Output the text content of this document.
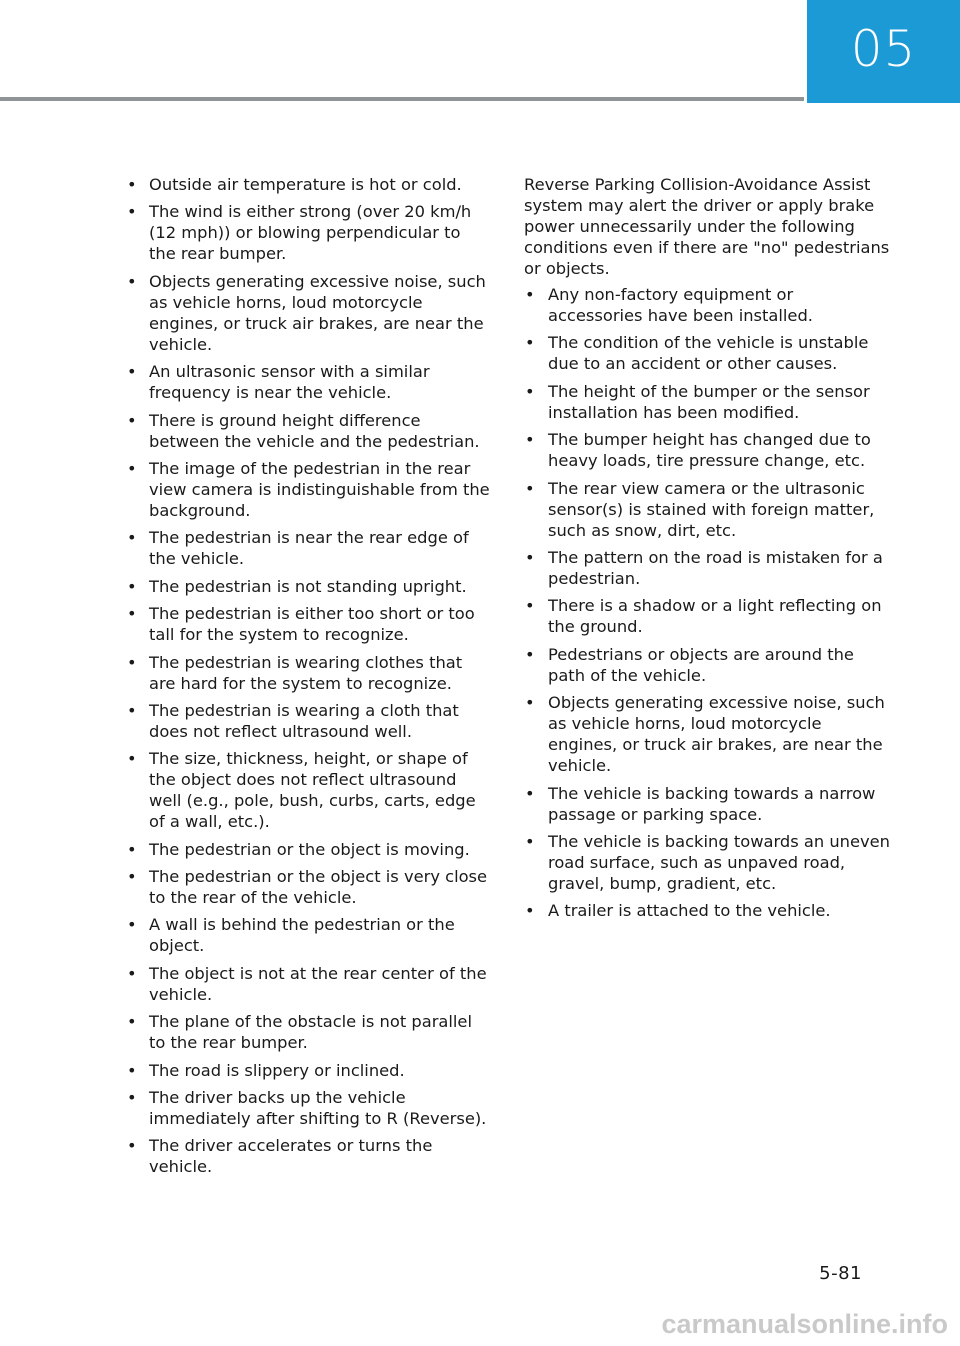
05
• Outside air temperature is hot or cold.
• The wind is either strong (over 20 km/h (12 mph)) or blowing perpendicular to the rear bumper.
• Objects generating excessive noise, such as vehicle horns, loud motorcycle engines, or truck air brakes, are near the vehicle.
• An ultrasonic sensor with a similar frequency is near the vehicle.
• There is ground height difference between the vehicle and the pedestrian.
• The image of the pedestrian in the rear view camera is indistinguishable from the background.
• The pedestrian is near the rear edge of the vehicle.
• The pedestrian is not standing upright.
• The pedestrian is either too short or too tall for the system to recognize.
• The pedestrian is wearing clothes that are hard for the system to recognize.
• The pedestrian is wearing a cloth that does not reflect ultrasound well.
• The size, thickness, height, or shape of the object does not reflect ultrasound well (e.g., pole, bush, curbs, carts, edge of a wall, etc.).
• The pedestrian or the object is moving.
• The pedestrian or the object is very close to the rear of the vehicle.
• A wall is behind the pedestrian or the object.
• The object is not at the rear center of the vehicle.
• The plane of the obstacle is not parallel to the rear bumper.
• The road is slippery or inclined.
• The driver backs up the vehicle immediately after shifting to R (Reverse).
• The driver accelerates or turns the vehicle.

Reverse Parking Collision-Avoidance Assist system may alert the driver or apply brake power unnecessarily under the following conditions even if there are "no" pedestrians or objects.

• Any non-factory equipment or accessories have been installed.
• The condition of the vehicle is unstable due to an accident or other causes.
• The height of the bumper or the sensor installation has been modified.
• The bumper height has changed due to heavy loads, tire pressure change, etc.
• The rear view camera or the ultrasonic sensor(s) is stained with foreign matter, such as snow, dirt, etc.
• The pattern on the road is mistaken for a pedestrian.
• There is a shadow or a light reflecting on the ground.
• Pedestrians or objects are around the path of the vehicle.
• Objects generating excessive noise, such as vehicle horns, loud motorcycle engines, or truck air brakes, are near the vehicle.
• The vehicle is backing towards a narrow passage or parking space.
• The vehicle is backing towards an uneven road surface, such as unpaved road, gravel, bump, gradient, etc.
• A trailer is attached to the vehicle.
5-81
carmanualsonline.info
